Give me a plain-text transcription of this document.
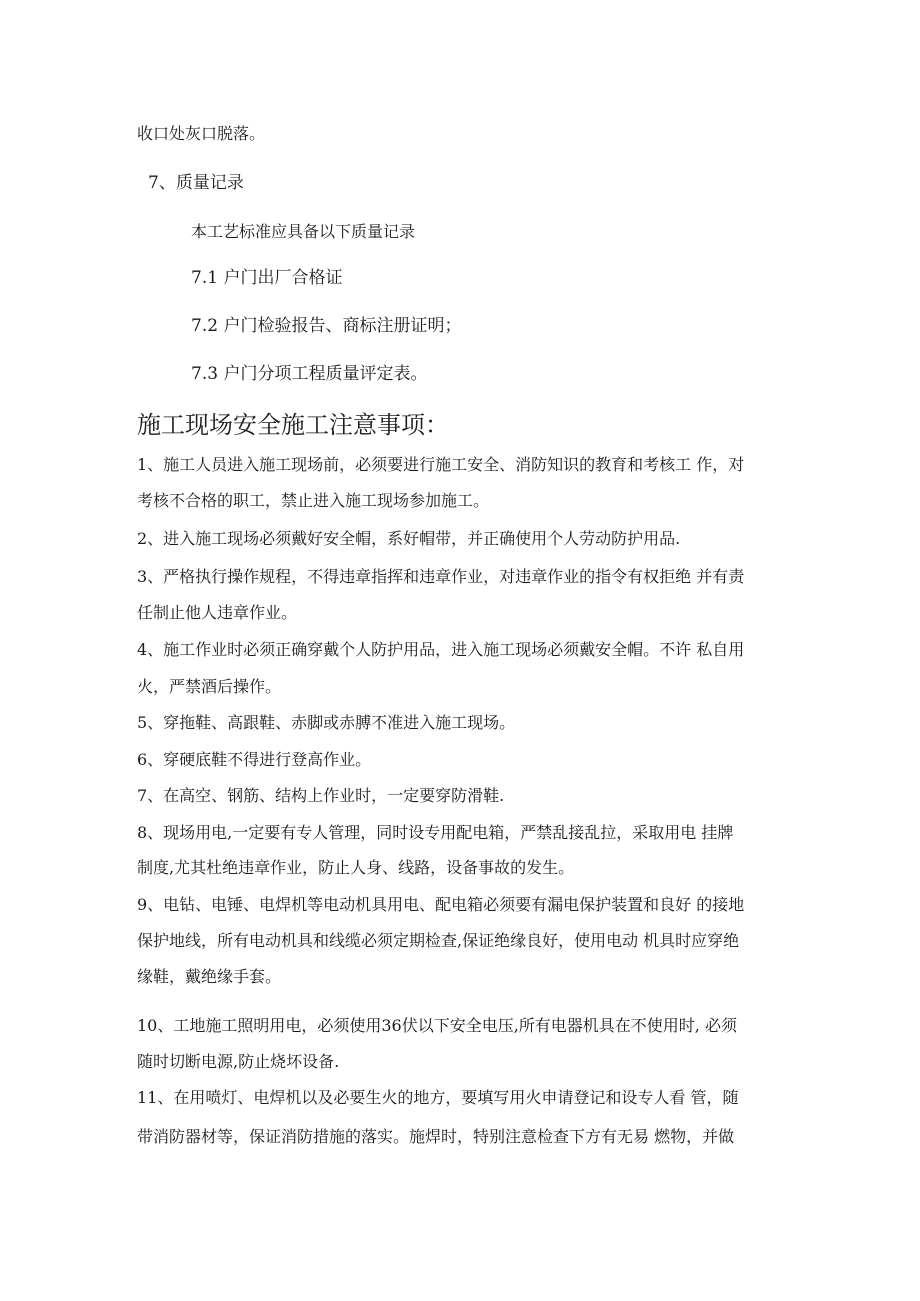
收口处灰口脱落。
7、质量记录
本工艺标准应具备以下质量记录
7.1 户门出厂合格证
7.2 户门检验报告、商标注册证明；
7.3 户门分项工程质量评定表。
施工现场安全施工注意事项：
1、施工人员进入施工现场前，必须要进行施工安全、消防知识的教育和考核工 作，对
考核不合格的职工，禁止进入施工现场参加施工。
2、进入施工现场必须戴好安全帽，系好帽带，并正确使用个人劳动防护用品.
3、严格执行操作规程，不得违章指挥和违章作业，对违章作业的指令有权拒绝 并有责
任制止他人违章作业。
4、施工作业时必须正确穿戴个人防护用品，进入施工现场必须戴安全帽。不许 私自用
火，严禁酒后操作。
5、穿拖鞋、高跟鞋、赤脚或赤膊不准进入施工现场。
6、穿硬底鞋不得进行登高作业。
7、在高空、钢筋、结构上作业时，一定要穿防滑鞋.
8、现场用电,一定要有专人管理，同时设专用配电箱，严禁乱接乱拉，采取用电 挂牌
制度,尤其杜绝违章作业，防止人身、线路，设备事故的发生。
9、电钻、电锤、电焊机等电动机具用电、配电箱必须要有漏电保护装置和良好 的接地
保护地线，所有电动机具和线缆必须定期检查,保证绝缘良好，使用电动 机具时应穿绝
缘鞋，戴绝缘手套。
10、工地施工照明用电，必须使用36伏以下安全电压,所有电器机具在不使用时, 必须
随时切断电源,防止烧坏设备.
11、在用喷灯、电焊机以及必要生火的地方，要填写用火申请登记和设专人看 管，随
带消防器材等，保证消防措施的落实。施焊时，特别注意检查下方有无易 燃物，并做
